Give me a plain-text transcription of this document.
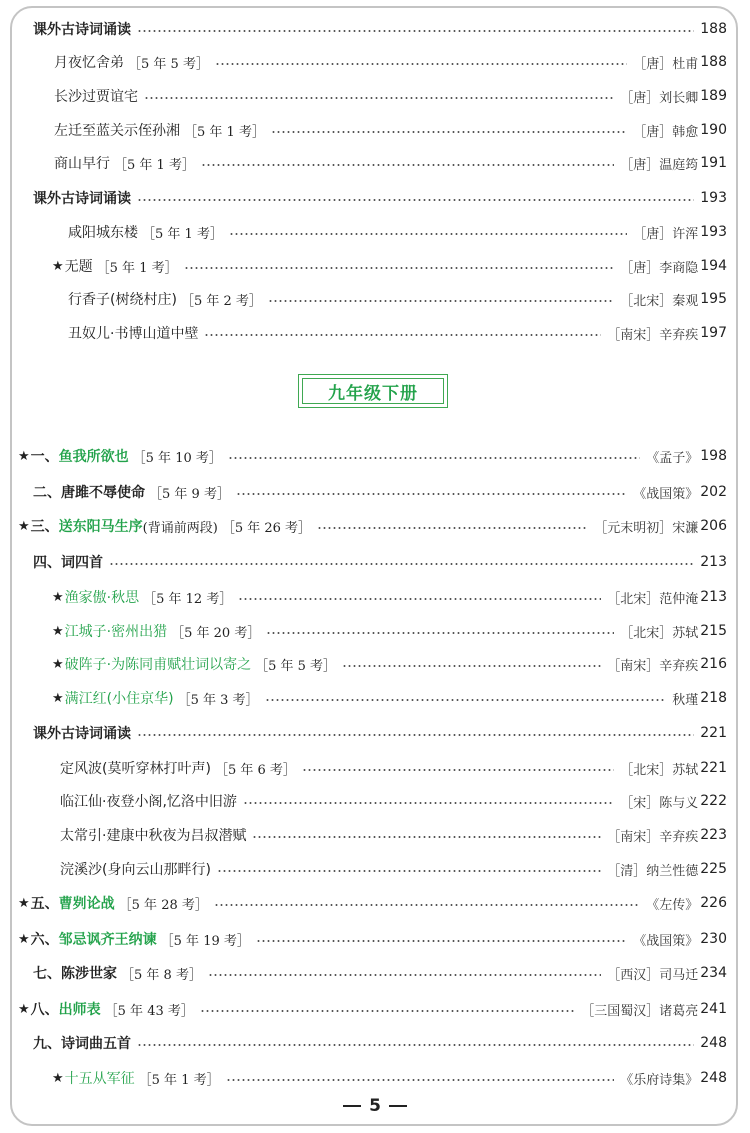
九年级下册
5
课外古诗词诵读	188
月夜忆舍弟 ［5 年 5 考］	［唐］杜甫 188
长沙过贾谊宅	［唐］刘长卿 189
左迁至蓝关示侄孙湘 ［5 年 1 考］	［唐］韩愈 190
商山早行 ［5 年 1 考］	［唐］温庭筠 191
课外古诗词诵读	193
咸阳城东楼 ［5 年 1 考］	［唐］许浑 193
★ 无题 ［5 年 1 考］	［唐］李商隐 194
行香子(树绕村庄) ［5 年 2 考］	［北宋］秦观 195
丑奴儿·书博山道中壁	［南宋］辛弃疾 197
★ 一、 鱼我所欲也 ［5 年 10 考］	《孟子》 198
二、 唐雎不辱使命 ［5 年 9 考］	《战国策》 202
★ 三、 送东阳马生序 (背诵前两段) ［5 年 26 考］	［元末明初］宋濂 206
四、 词四首	213
★ 渔家傲·秋思 ［5 年 12 考］	［北宋］范仲淹 213
★ 江城子·密州出猎 ［5 年 20 考］	［北宋］苏轼 215
★ 破阵子·为陈同甫赋壮词以寄之 ［5 年 5 考］	［南宋］辛弃疾 216
★ 满江红(小住京华) ［5 年 3 考］	秋瑾 218
课外古诗词诵读	221
定风波(莫听穿林打叶声) ［5 年 6 考］	［北宋］苏轼 221
临江仙·夜登小阁,忆洛中旧游	［宋］陈与义 222
太常引·建康中秋夜为吕叔潜赋	［南宋］辛弃疾 223
浣溪沙(身向云山那畔行)	［清］纳兰性德 225
★ 五、 曹刿论战 ［5 年 28 考］	《左传》 226
★ 六、 邹忌讽齐王纳谏 ［5 年 19 考］	《战国策》 230
七、 陈涉世家 ［5 年 8 考］	［西汉］司马迁 234
★ 八、 出师表 ［5 年 43 考］	［三国蜀汉］诸葛亮 241
九、 诗词曲五首	248
★ 十五从军征 ［5 年 1 考］	《乐府诗集》 248
